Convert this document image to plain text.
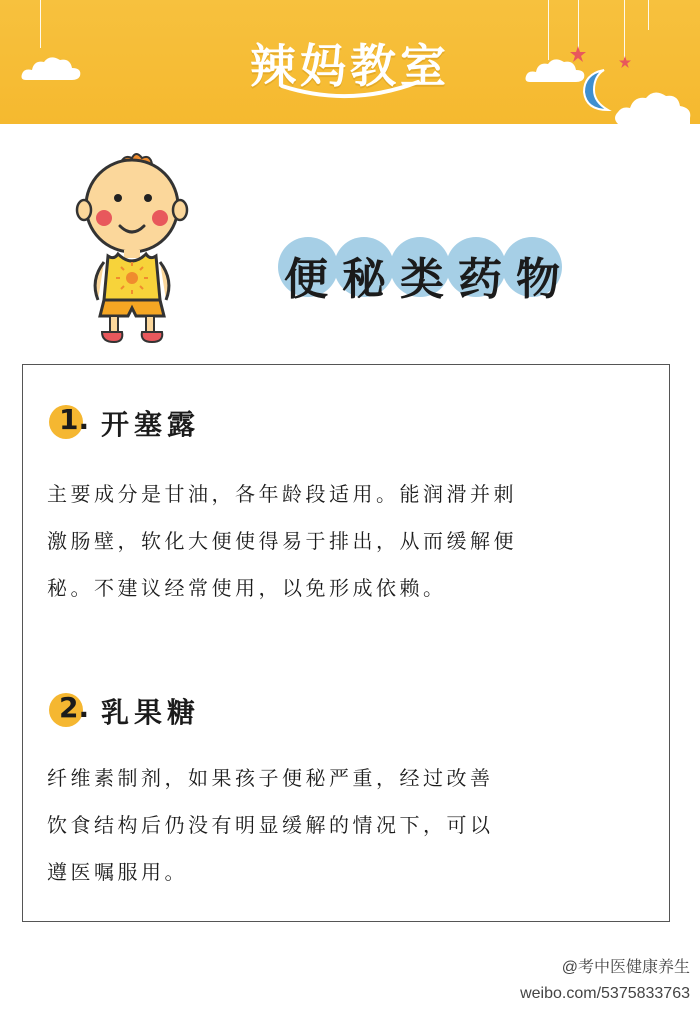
辣妈教室
便秘类药物
1. 开塞露
主要成分是甘油，各年龄段适用。能润滑并刺
激肠壁，软化大便使得易于排出，从而缓解便
秘。不建议经常使用，以免形成依赖。
2. 乳果糖
纤维素制剂，如果孩子便秘严重，经过改善
饮食结构后仍没有明显缓解的情况下，可以
遵医嘱服用。
@考中医健康养生
weibo.com/5375833763
